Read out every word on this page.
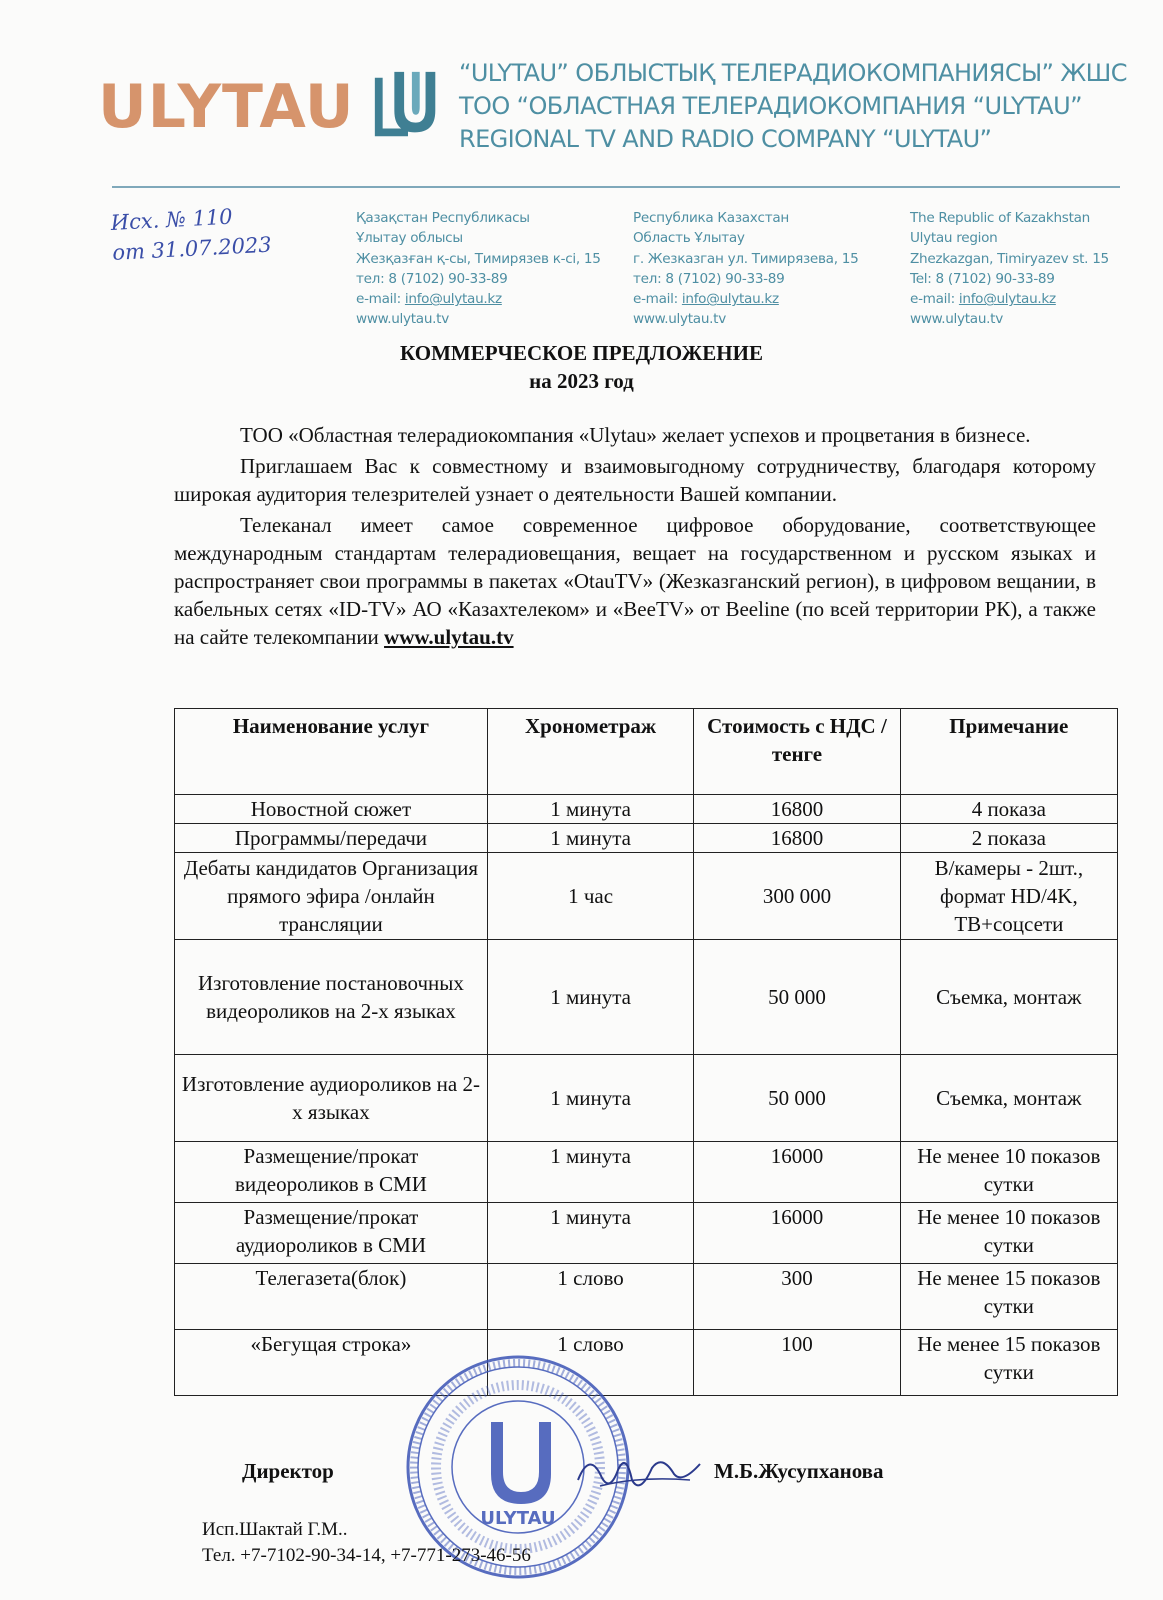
ULYTAU	“ULYTAU” ОБЛЫСТЫҚ ТЕЛЕРАДИОКОМПАНИЯСЫ” ЖШС
ТОО “ОБЛАСТНАЯ ТЕЛЕРАДИОКОМПАНИЯ “ULYTAU”
REGIONAL TV AND RADIO COMPANY “ULYTAU”
Исх. № 110
от 31.07.2023
Қазақстан Республикасы
Ұлытау облысы
Жезқазған қ-сы, Тимирязев к-сі, 15
тел: 8 (7102) 90-33-89
e-mail: info@ulytau.kz
www.ulytau.tv
Республика Казахстан
Область Ұлытау
г. Жезказган ул. Тимирязева, 15
тел: 8 (7102) 90-33-89
e-mail: info@ulytau.kz
www.ulytau.tv
The Republic of Kazakhstan
Ulytau region
Zhezkazgan, Timiryazev st. 15
Tel: 8 (7102) 90-33-89
e-mail: info@ulytau.kz
www.ulytau.tv
КОММЕРЧЕСКОЕ ПРЕДЛОЖЕНИЕ
на 2023 год

ТОО «Областная телерадиокомпания «Ulytau» желает успехов и процветания в бизнесе.

Приглашаем Вас к совместному и взаимовыгодному сотрудничеству, благодаря которому широкая аудитория телезрителей узнает о деятельности Вашей компании.

Телеканал имеет самое современное цифровое оборудование, соответствующее международным стандартам телерадиовещания, вещает на государственном и русском языках и распространяет свои программы в пакетах «OtauTV» (Жезказганский регион), в цифровом вещании, в кабельных сетях «ID-TV» АО «Казахтелеком» и «BeeTV» от Beeline (по всей территории РК), а также на сайте телекомпании www.ulytau.tv

Наименование услуг	Хронометраж	Стоимость с НДС / тенге	Примечание
Новостной сюжет	1 минута	16800	4 показа
Программы/передачи	1 минута	16800	2 показа
Дебаты кандидатов Организация прямого эфира /онлайн трансляции	1 час	300 000	В/камеры - 2шт., формат HD/4K, ТВ+соцсети
Изготовление постановочных видеороликов на 2-х языках	1 минута	50 000	Съемка, монтаж
Изготовление аудиороликов на 2-х языках	1 минута	50 000	Съемка, монтаж
Размещение/прокат видеороликов в СМИ	1 минута	16000	Не менее 10 показов сутки
Размещение/прокат аудиороликов в СМИ	1 минута	16000	Не менее 10 показов сутки
Телегазета(блок)	1 слово	300	Не менее 15 показов сутки
«Бегущая строка»	1 слово	100	Не менее 15 показов сутки
ULYTAU
Директор	М.Б.Жусупханова
Исп.Шактай Г.М..
Тел. +7-7102-90-34-14, +7-771-273-46-56
